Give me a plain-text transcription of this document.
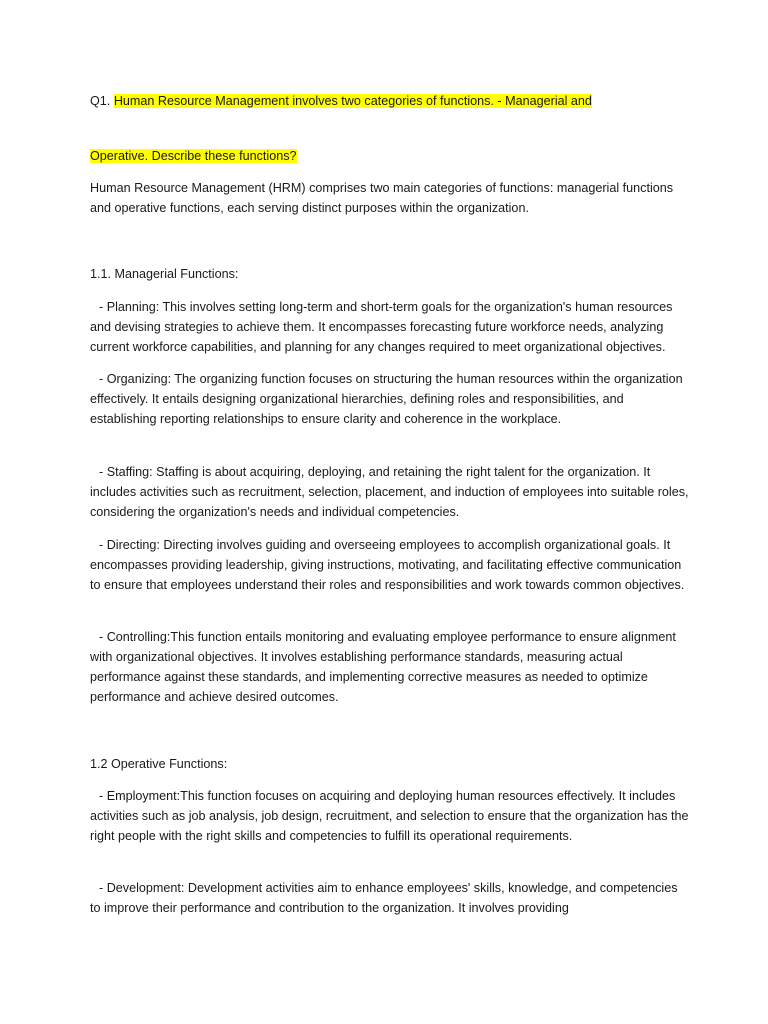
Q1. Human Resource Management involves two categories of functions. - Managerial and
Operative. Describe these functions?

Human Resource Management (HRM) comprises two main categories of functions: managerial functions and operative functions, each serving distinct purposes within the organization.

1.1. Managerial Functions:

- Planning: This involves setting long-term and short-term goals for the organization's human resources and devising strategies to achieve them. It encompasses forecasting future workforce needs, analyzing current workforce capabilities, and planning for any changes required to meet organizational objectives.

- Organizing: The organizing function focuses on structuring the human resources within the organization effectively. It entails designing organizational hierarchies, defining roles and responsibilities, and establishing reporting relationships to ensure clarity and coherence in the workplace.

- Staffing: Staffing is about acquiring, deploying, and retaining the right talent for the organization. It includes activities such as recruitment, selection, placement, and induction of employees into suitable roles, considering the organization's needs and individual competencies.

- Directing: Directing involves guiding and overseeing employees to accomplish organizational goals. It encompasses providing leadership, giving instructions, motivating, and facilitating effective communication to ensure that employees understand their roles and responsibilities and work towards common objectives.

- Controlling:This function entails monitoring and evaluating employee performance to ensure alignment with organizational objectives. It involves establishing performance standards, measuring actual performance against these standards, and implementing corrective measures as needed to optimize performance and achieve desired outcomes.

1.2 Operative Functions:

- Employment:This function focuses on acquiring and deploying human resources effectively. It includes activities such as job analysis, job design, recruitment, and selection to ensure that the organization has the right people with the right skills and competencies to fulfill its operational requirements.

- Development: Development activities aim to enhance employees' skills, knowledge, and competencies to improve their performance and contribution to the organization. It involves providing
